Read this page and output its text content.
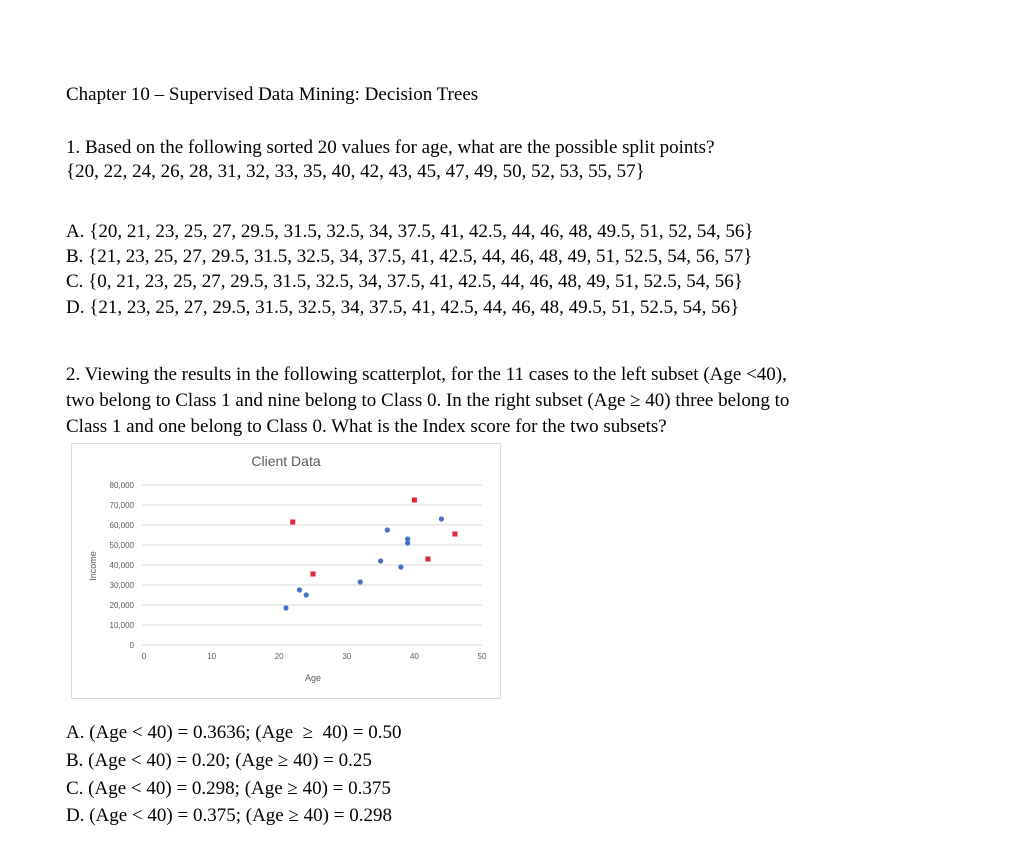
Chapter 10 – Supervised Data Mining: Decision Trees
1. Based on the following sorted 20 values for age, what are the possible split points?
{20, 22, 24, 26, 28, 31, 32, 33, 35, 40, 42, 43, 45, 47, 49, 50, 52, 53, 55, 57}
A. {20, 21, 23, 25, 27, 29.5, 31.5, 32.5, 34, 37.5, 41, 42.5, 44, 46, 48, 49.5, 51, 52, 54, 56}
B. {21, 23, 25, 27, 29.5, 31.5, 32.5, 34, 37.5, 41, 42.5, 44, 46, 48, 49, 51, 52.5, 54, 56, 57}
C. {0, 21, 23, 25, 27, 29.5, 31.5, 32.5, 34, 37.5, 41, 42.5, 44, 46, 48, 49, 51, 52.5, 54, 56}
D. {21, 23, 25, 27, 29.5, 31.5, 32.5, 34, 37.5, 41, 42.5, 44, 46, 48, 49.5, 51, 52.5, 54, 56}
2. Viewing the results in the following scatterplot, for the 11 cases to the left subset (Age <40),
two belong to Class 1 and nine belong to Class 0. In the right subset (Age ≥ 40) three belong to
Class 1 and one belong to Class 0. What is the Index score for the two subsets?
Client Data
0
10,000
20,000
30,000
40,000
50,000
60,000
70,000
80,000
0	10	20	30	40	50
Age
Income
A. (Age < 40) = 0.3636; (Age  ≥  40) = 0.50
B. (Age < 40) = 0.20; (Age ≥ 40) = 0.25
C. (Age < 40) = 0.298; (Age ≥ 40) = 0.375
D. (Age < 40) = 0.375; (Age ≥ 40) = 0.298
